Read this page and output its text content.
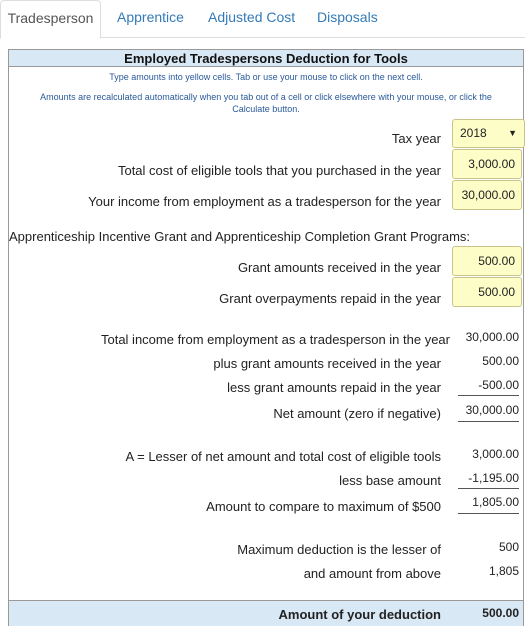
Tradesperson	Apprentice Adjusted Cost Disposals
Employed Tradespersons Deduction for Tools
Type amounts into yellow cells. Tab or use your mouse to click on the next cell.
Amounts are recalculated automatically when you tab out of a cell or click elsewhere with your mouse, or click the Calculate button.
Tax year	2018 ▼
Total cost of eligible tools that you purchased in the year
3,000.00
Your income from employment as a tradesperson for the year
30,000.00
Apprenticeship Incentive Grant and Apprenticeship Completion Grant Programs:
Grant amounts received in the year
500.00
Grant overpayments repaid in the year
500.00
Total income from employment as a tradesperson in the year 30,000.00
plus grant amounts received in the year	500.00
less grant amounts repaid in the year	-500.00
Net amount (zero if negative)	30,000.00
A = Lesser of net amount and total cost of eligible tools	3,000.00
less base amount	-1,195.00
Amount to compare to maximum of $500	1,805.00
Maximum deduction is the lesser of	500
and amount from above	1,805
Amount of your deduction	500.00
